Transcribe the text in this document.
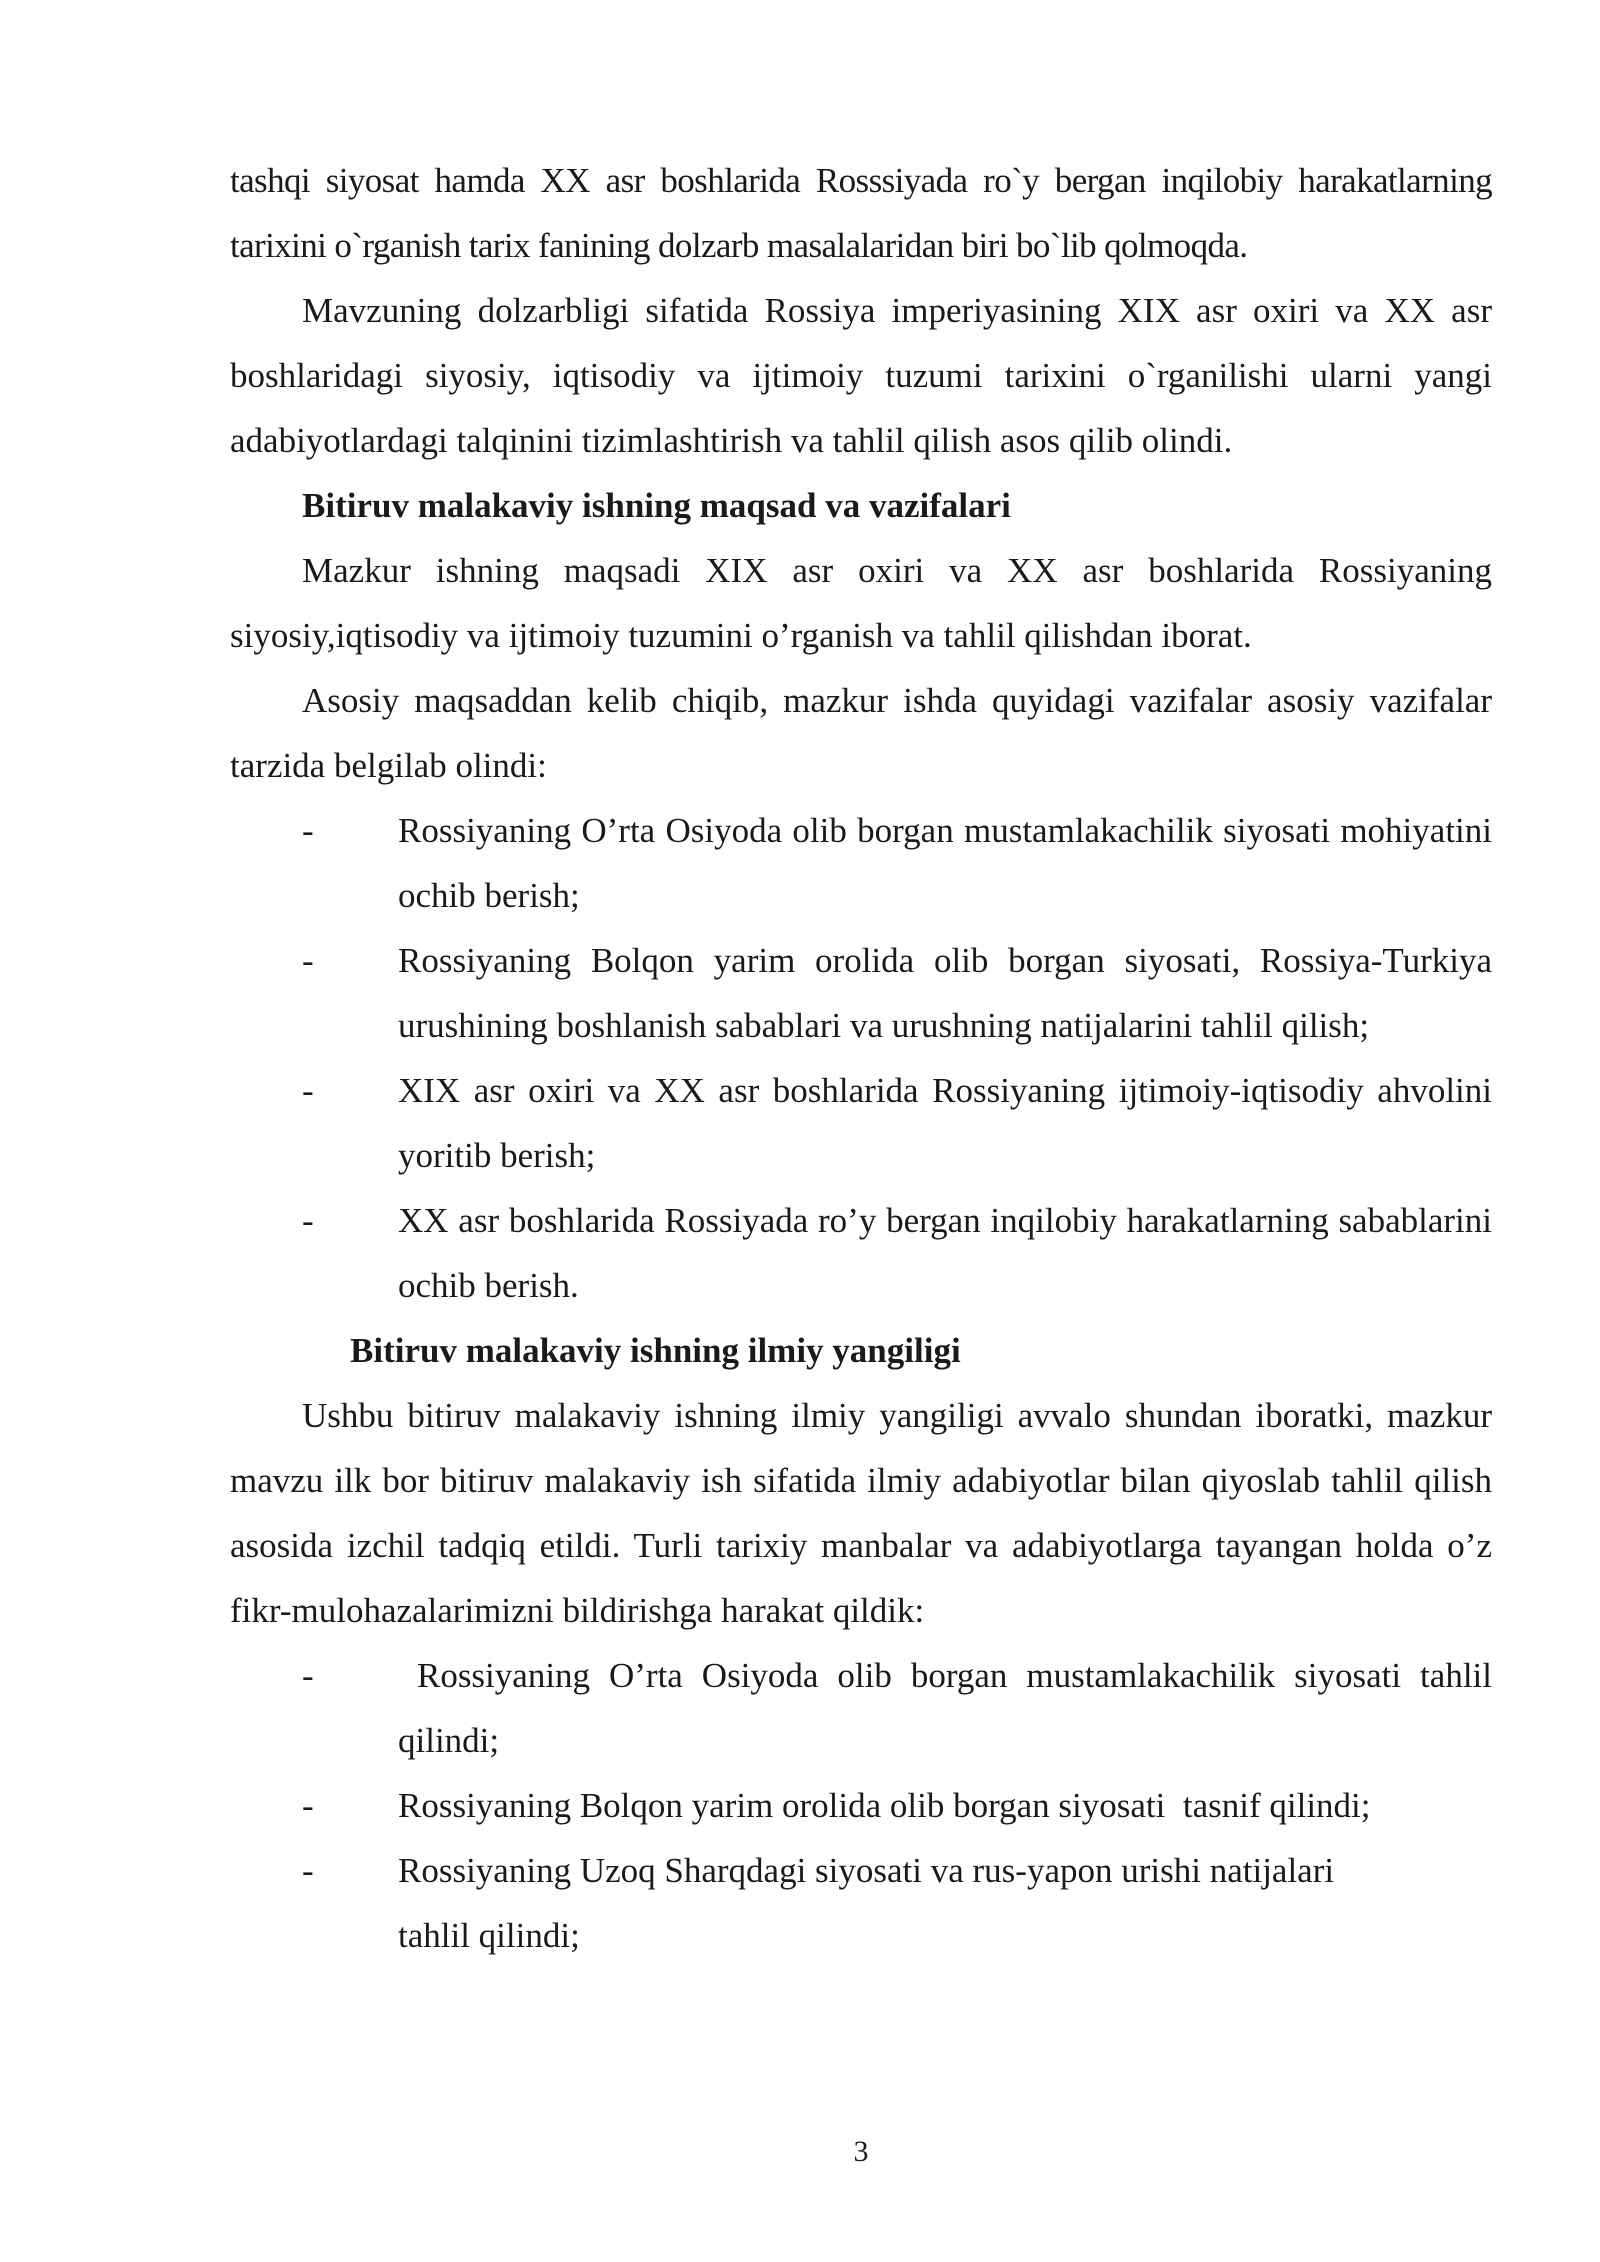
tashqi siyosat hamda XX asr boshlarida Rosssiyada ro`y bergan inqilobiy harakatlarning tarixini o`rganish tarix fanining dolzarb masalalaridan biri bo`lib qolmoqda.

Mavzuning dolzarbligi sifatida Rossiya imperiyasining XIX asr oxiri va XX asr boshlaridagi siyosiy, iqtisodiy va ijtimoiy tuzumi tarixini o`rganilishi ularni yangi adabiyotlardagi talqinini tizimlashtirish va tahlil qilish asos qilib olindi.

Bitiruv malakaviy ishning maqsad va vazifalari

Mazkur ishning maqsadi XIX asr oxiri va XX asr boshlarida Rossiyaning siyosiy,iqtisodiy va ijtimoiy tuzumini o’rganish va tahlil qilishdan iborat.

Asosiy maqsaddan kelib chiqib, mazkur ishda quyidagi vazifalar asosiy vazifalar tarzida belgilab olindi:

- Rossiyaning O’rta Osiyoda olib borgan mustamlakachilik siyosati mohiyatini ochib berish;
- Rossiyaning Bolqon yarim orolida olib borgan siyosati, Rossiya-Turkiya urushining boshlanish sabablari va urushning natijalarini tahlil qilish;
- XIX asr oxiri va XX asr boshlarida Rossiyaning ijtimoiy-iqtisodiy ahvolini yoritib berish;
- XX asr boshlarida Rossiyada ro’y bergan inqilobiy harakatlarning sabablarini ochib berish.

Bitiruv malakaviy ishning ilmiy yangiligi

Ushbu bitiruv malakaviy ishning ilmiy yangiligi avvalo shundan iboratki, mazkur mavzu ilk bor bitiruv malakaviy ish sifatida ilmiy adabiyotlar bilan qiyoslab tahlil qilish asosida izchil tadqiq etildi. Turli tarixiy manbalar va adabiyotlarga tayangan holda o’z fikr-mulohazalarimizni bildirishga harakat qildik:

- Rossiyaning O’rta Osiyoda olib borgan mustamlakachilik siyosati tahlil qilindi;
- Rossiyaning Bolqon yarim orolida olib borgan siyosati  tasnif qilindi;
- Rossiyaning Uzoq Sharqdagi siyosati va rus-yapon urishi natijalari tahlil qilindi;
3
